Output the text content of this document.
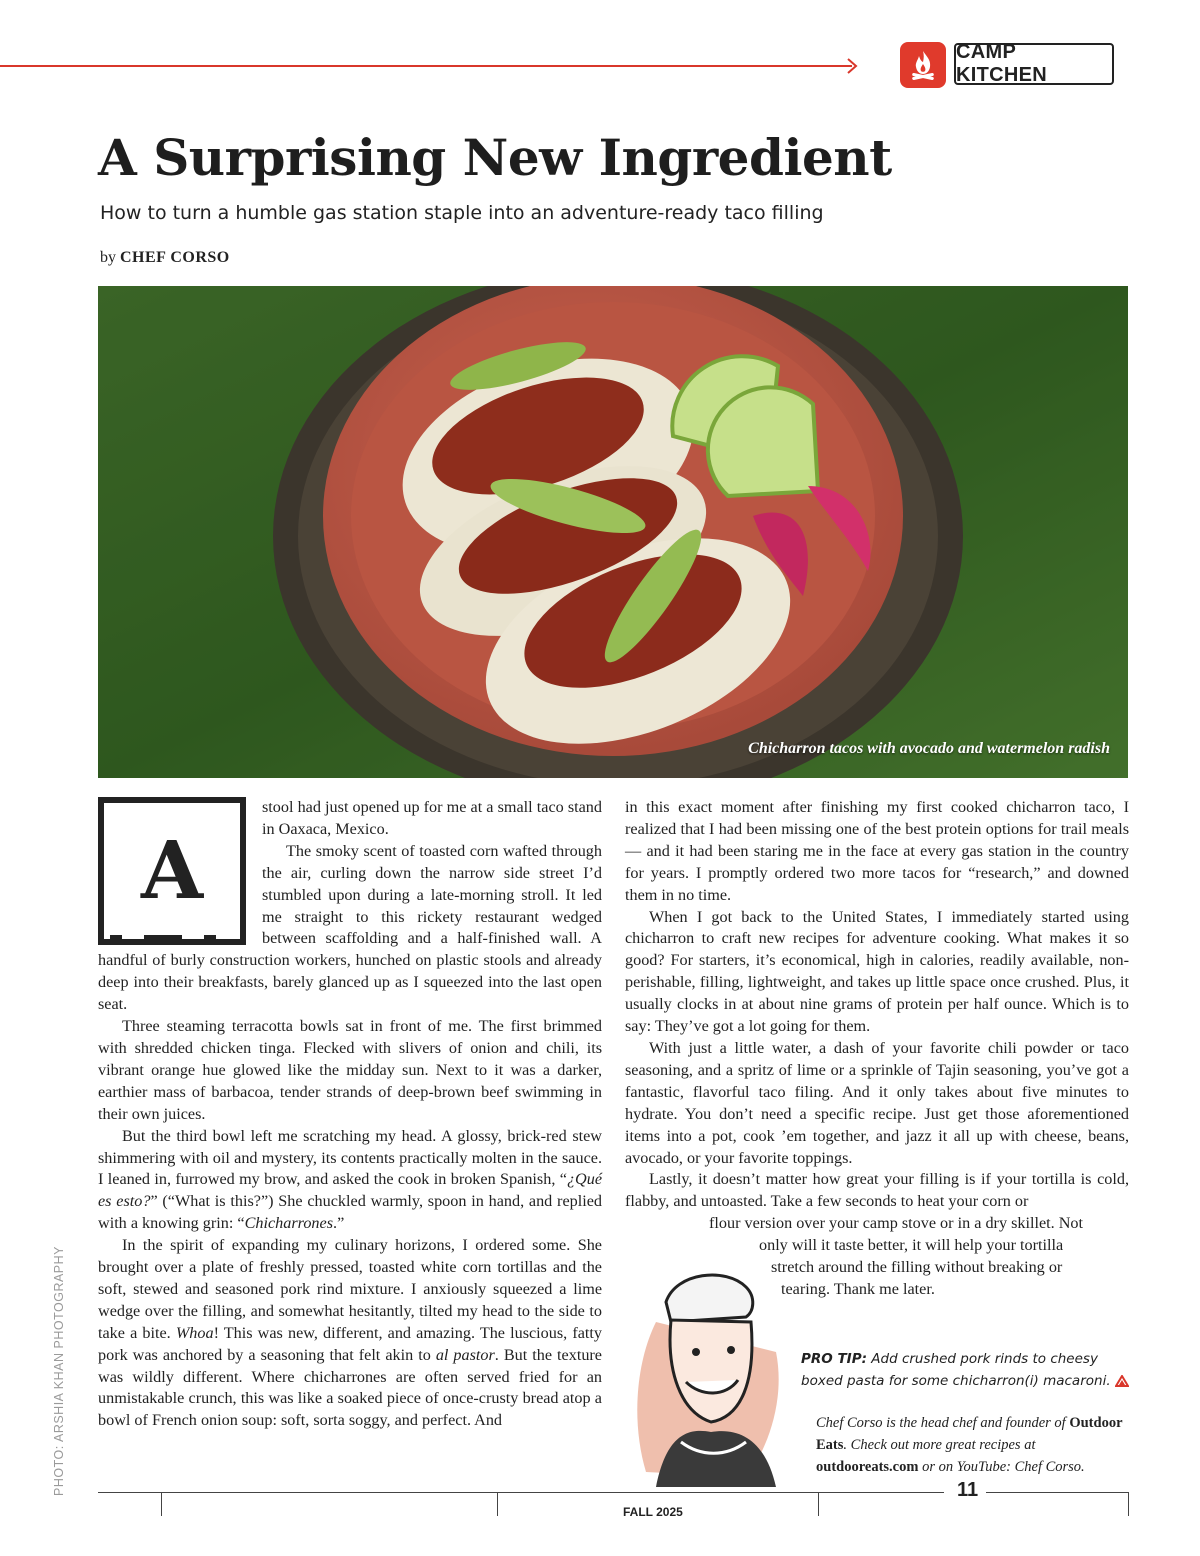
CAMP KITCHEN
A Surprising New Ingredient
How to turn a humble gas station staple into an adventure-ready taco filling
by CHEF CORSO
Chicharron tacos with avocado and watermelon radish
A

stool had just opened up for me at a small taco stand in Oaxaca, Mexico.

The smoky scent of toasted corn wafted through the air, curling down the narrow side street I’d stumbled upon during a late-morning stroll. It led me straight to this rickety restaurant wedged between scaffolding and a half-finished wall. A handful of burly construction workers, hunched on plastic stools and already deep into their breakfasts, barely glanced up as I squeezed into the last open seat.

Three steaming terracotta bowls sat in front of me. The first brimmed with shredded chicken tinga. Flecked with slivers of onion and chili, its vibrant orange hue glowed like the midday sun. Next to it was a darker, earthier mass of barbacoa, tender strands of deep-brown beef swimming in their own juices.

But the third bowl left me scratching my head. A glossy, brick-red stew shimmering with oil and mystery, its contents practically molten in the sauce. I leaned in, furrowed my brow, and asked the cook in broken Spanish, “¿Qué es esto?” (“What is this?”) She chuckled warmly, spoon in hand, and replied with a knowing grin: “Chicharrones.”

In the spirit of expanding my culinary horizons, I ordered some. She brought over a plate of freshly pressed, toasted white corn tortillas and the soft, stewed and seasoned pork rind mixture. I anxiously squeezed a lime wedge over the filling, and somewhat hesitantly, tilted my head to the side to take a bite. Whoa! This was new, different, and amazing. The luscious, fatty pork was anchored by a seasoning that felt akin to al pastor. But the texture was wildly different. Where chicharrones are often served fried for an unmistakable crunch, this was like a soaked piece of once-crusty bread atop a bowl of French onion soup: soft, sorta soggy, and perfect. And

in this exact moment after finishing my first cooked chicharron taco, I realized that I had been missing one of the best protein options for trail meals — and it had been staring me in the face at every gas station in the country for years. I promptly ordered two more tacos for “research,” and downed them in no time.

When I got back to the United States, I immediately started using chicharron to craft new recipes for adventure cooking. What makes it so good? For starters, it’s economical, high in calories, readily available, non-perishable, filling, lightweight, and takes up little space once crushed. Plus, it usually clocks in at about nine grams of protein per half ounce. Which is to say: They’ve got a lot going for them.

With just a little water, a dash of your favorite chili powder or taco seasoning, and a spritz of lime or a sprinkle of Tajin seasoning, you’ve got a fantastic, flavorful taco filing. And it only takes about five minutes to hydrate. You don’t need a specific recipe. Just get those aforementioned items into a pot, cook ’em together, and jazz it all up with cheese, beans, avocado, or your favorite toppings.

Lastly, it doesn’t matter how great your filling is if your tortilla is cold, flabby, and untoasted. Take a few seconds to heat your corn or

flour version over your camp stove or in a dry skillet. Not
only will it taste better, it will help your tortilla
stretch around the filling without breaking or
tearing. Thank me later.
PRO TIP: Add crushed pork rinds to cheesy boxed pasta for some chicharron(i) macaroni.
Chef Corso is the head chef and founder of Outdoor Eats. Check out more great recipes at outdooreats.com or on YouTube: Chef Corso.
PHOTO: ARSHIA KHAN PHOTOGRAPHY
FALL 2025
11
